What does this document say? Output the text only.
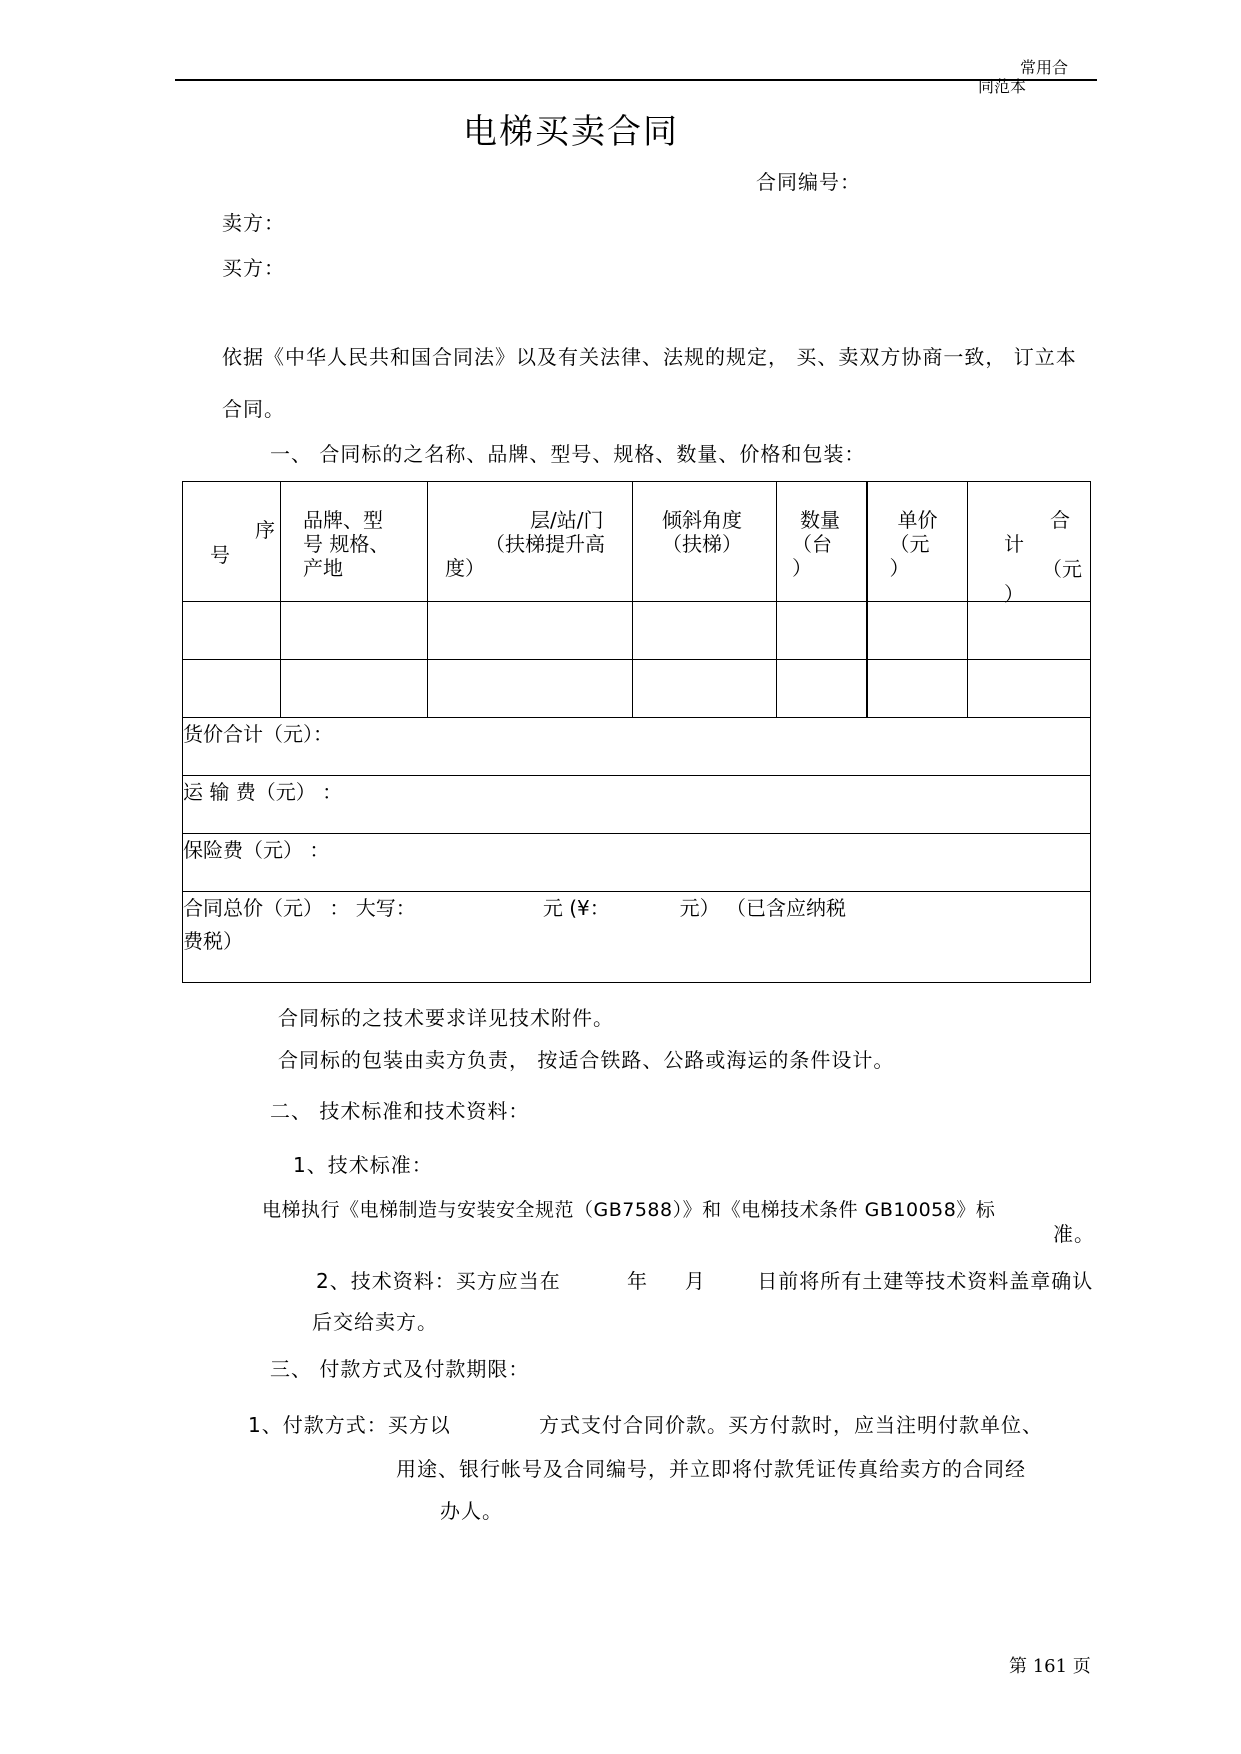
常用合
同范本
电梯买卖合同
合同编号：
卖方：
买方：
依据《中华人民共和国合同法》以及有关法律、法规的规定， 买、卖双方协商一致， 订立本
合同。
一、 合同标的之名称、品牌、型号、规格、数量、价格和包装：
序
号	品牌、型
号 规格、
产地	层/站/门
（扶梯提升高
度）	倾斜角度
（扶梯）	数量
（台
）	单价
（元
）	合
计
（元
）

货价合计（元）：						
运 输 费（元） ：						
保险费（元） ：						

合同总价（元） ： 大写：                    元 (¥：           元） （已含应纳税
费税）						
合同标的之技术要求详见技术附件。
合同标的包装由卖方负责， 按适合铁路、公路或海运的条件设计。
二、 技术标准和技术资料：
1、技术标准：
电梯执行《电梯制造与安装安全规范（GB7588）》和《电梯技术条件 GB10058》标
准。
2、技术资料：买方应当在         年     月       日前将所有土建等技术资料盖章确认
后交给卖方。
三、 付款方式及付款期限：
1、付款方式：买方以            方式支付合同价款。买方付款时，应当注明付款单位、
用途、银行帐号及合同编号，并立即将付款凭证传真给卖方的合同经
办人。
第 161 页
